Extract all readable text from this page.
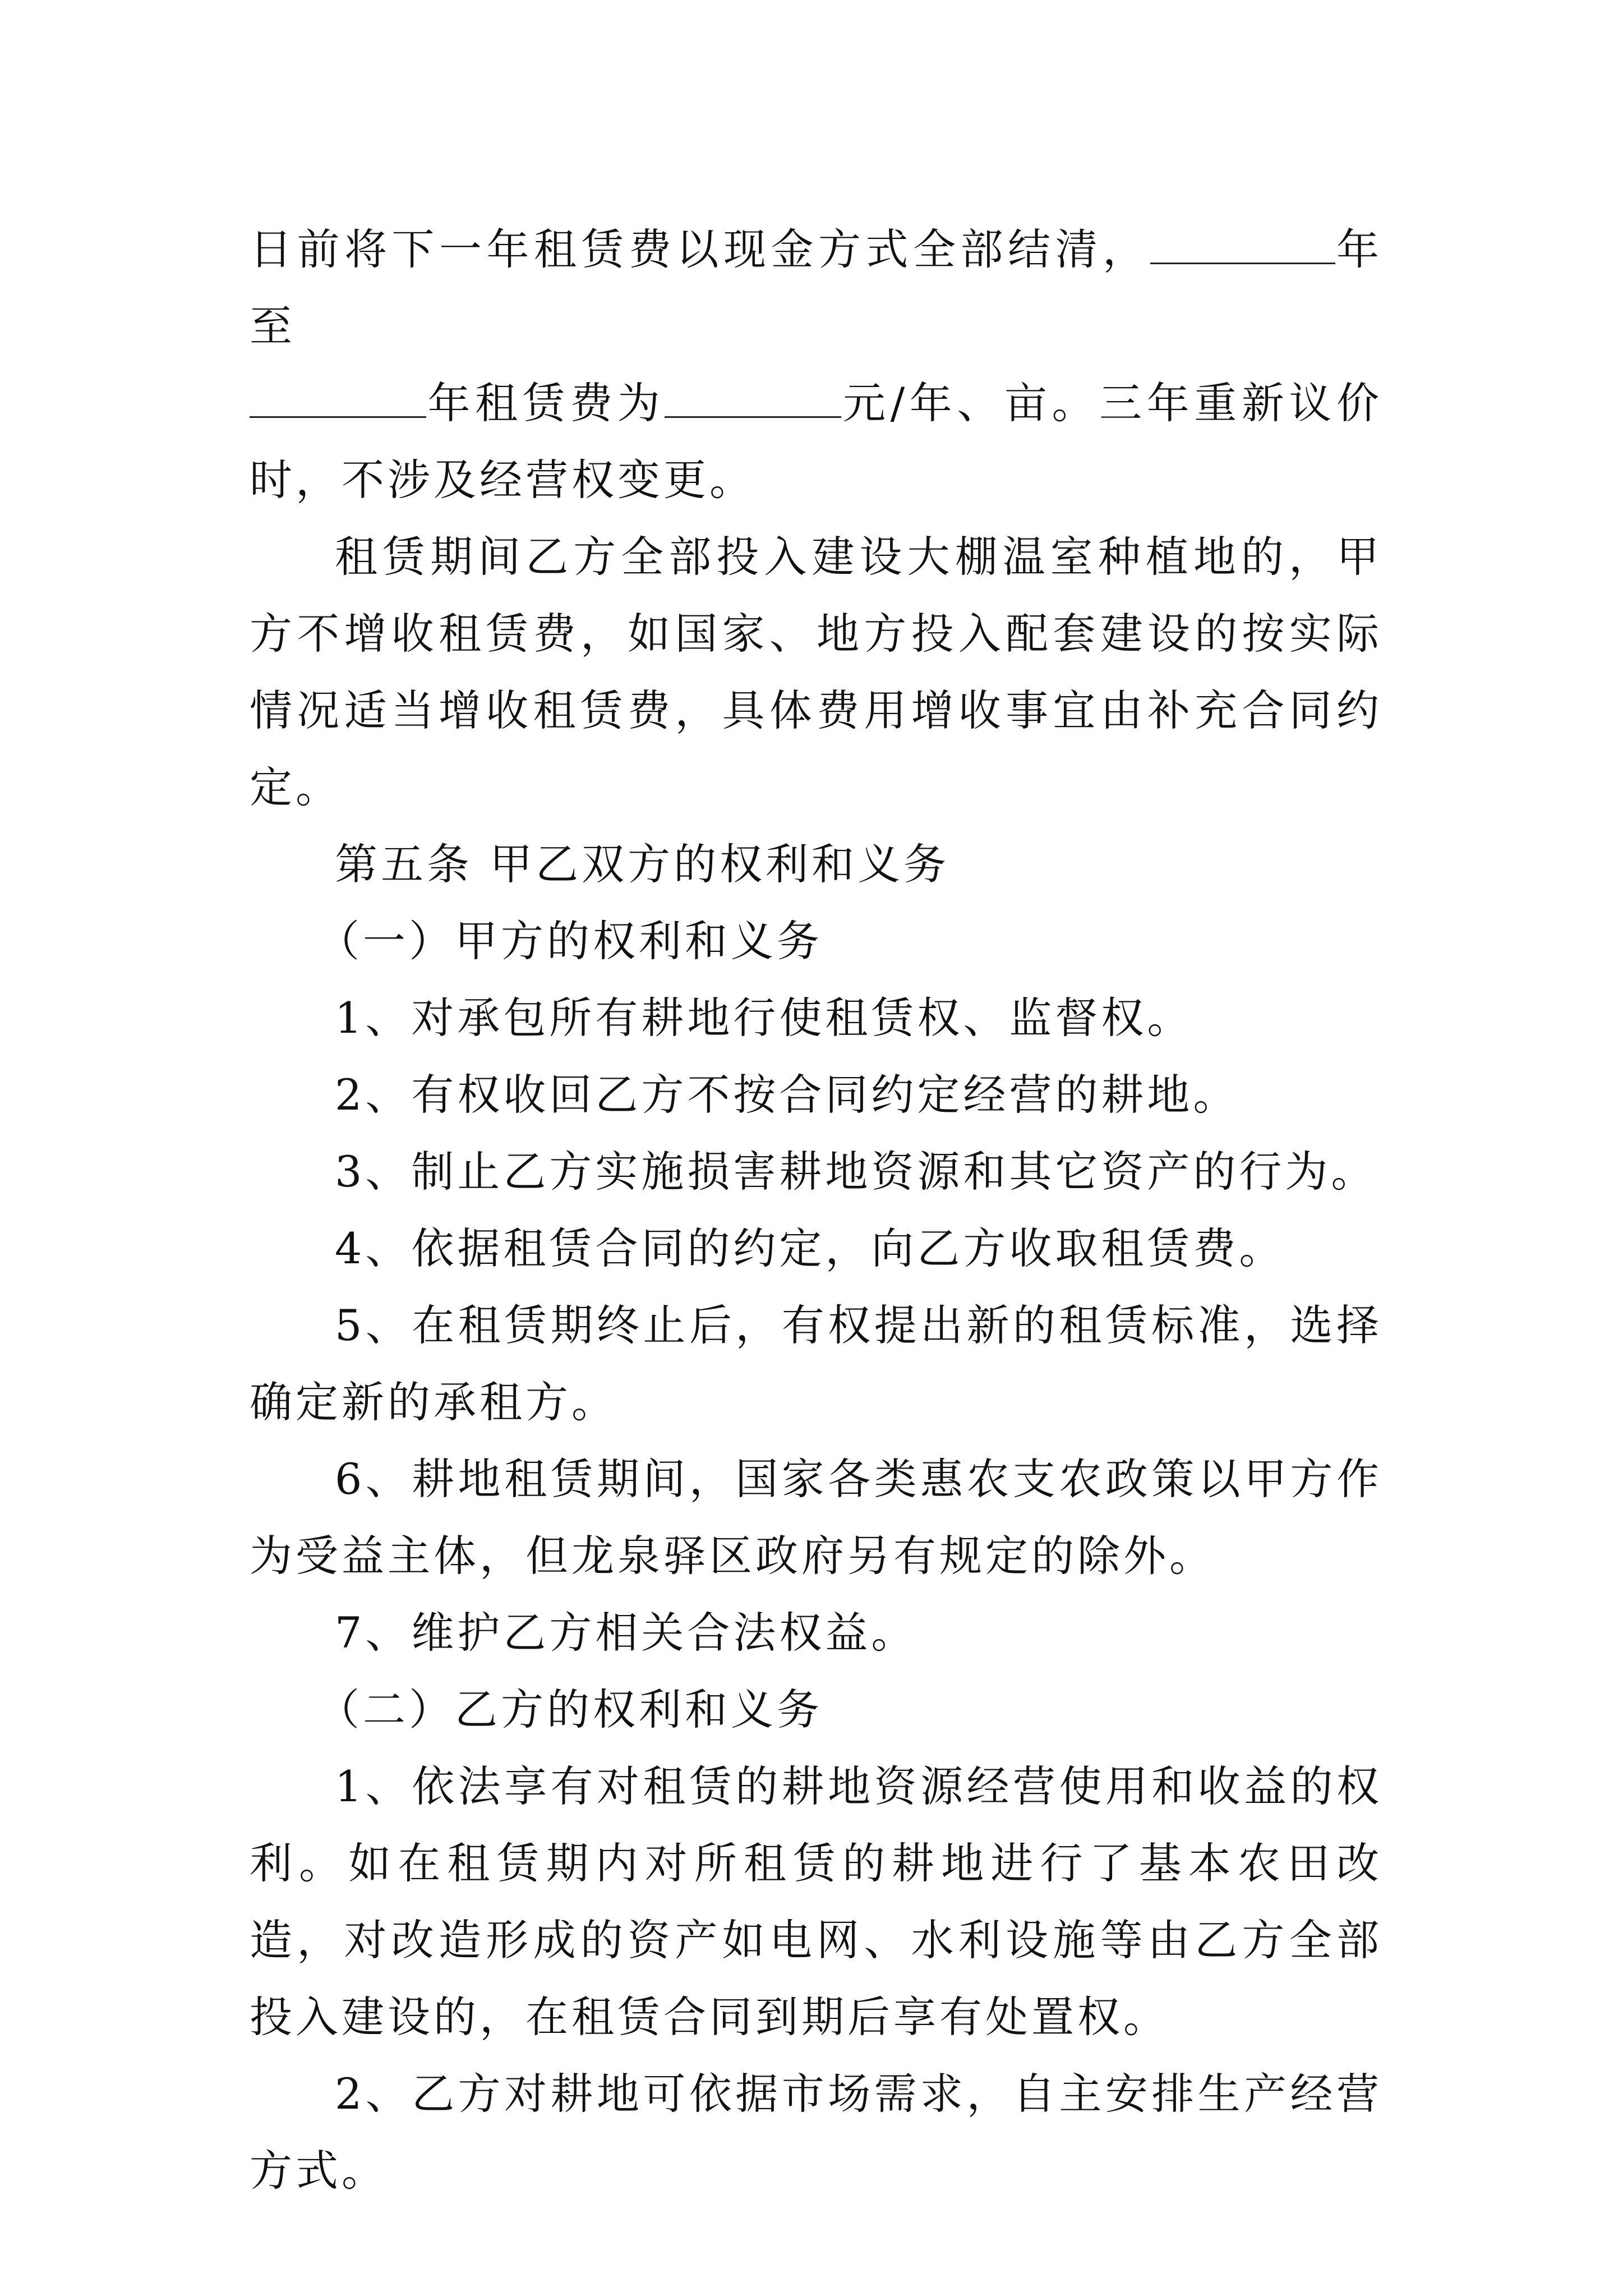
日前将下一年租赁费以现金方式全部结清，	年至
年租赁费为	元/年、亩。三年重新议价时，不涉及经营权变更。

租赁期间乙方全部投入建设大棚温室种植地的，甲方不增收租赁费，如国家、地方投入配套建设的按实际情况适当增收租赁费，具体费用增收事宜由补充合同约定。

第五条 甲乙双方的权利和义务

（一）甲方的权利和义务

1、对承包所有耕地行使租赁权、监督权。

2、有权收回乙方不按合同约定经营的耕地。

3、制止乙方实施损害耕地资源和其它资产的行为。

4、依据租赁合同的约定，向乙方收取租赁费。

5、在租赁期终止后，有权提出新的租赁标准，选择确定新的承租方。

6、耕地租赁期间，国家各类惠农支农政策以甲方作为受益主体，但龙泉驿区政府另有规定的除外。

7、维护乙方相关合法权益。

（二）乙方的权利和义务

1、依法享有对租赁的耕地资源经营使用和收益的权利。如在租赁期内对所租赁的耕地进行了基本农田改造，对改造形成的资产如电网、水利设施等由乙方全部投入建设的，在租赁合同到期后享有处置权。

2、乙方对耕地可依据市场需求，自主安排生产经营方式。
